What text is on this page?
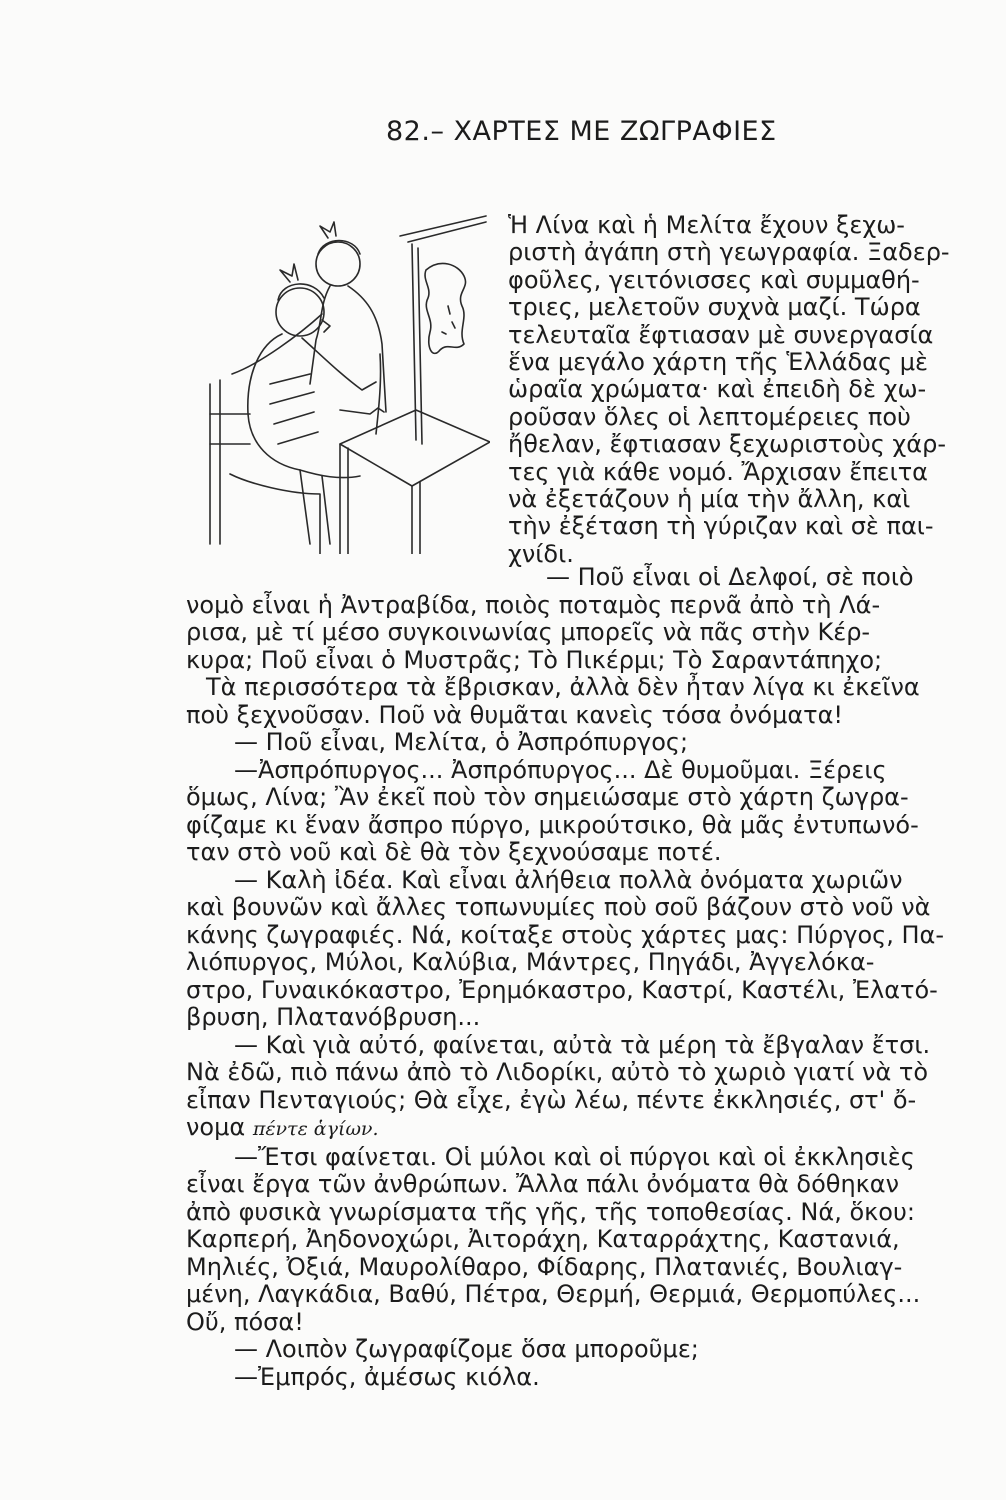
82.– ΧΑΡΤΕΣ ΜΕ ΖΩΓΡΑΦΙΕΣ
Ἡ Λίνα καὶ ἡ Μελίτα ἔχουν ξεχω-
ριστὴ ἀγάπη στὴ γεωγραφία. Ξαδερ-
φοῦλες, γειτόνισσες καὶ συμμαθή-
τριες, μελετοῦν συχνὰ μαζί. Τώρα
τελευταῖα ἔφτιασαν μὲ συνεργασία
ἕνα μεγάλο χάρτη τῆς Ἑλλάδας μὲ
ὡραῖα χρώματα· καὶ ἐπειδὴ δὲ χω-
ροῦσαν ὅλες οἱ λεπτομέρειες ποὺ
ἤθελαν, ἔφτιασαν ξεχωριστοὺς χάρ-
τες γιὰ κάθε νομό. Ἄρχισαν ἔπειτα
νὰ ἐξετάζουν ἡ μία τὴν ἄλλη, καὶ
τὴν ἐξέταση τὴ γύριζαν καὶ σὲ παι-
χνίδι.
— Ποῦ εἶναι οἱ Δελφοί, σὲ ποιὸ
νομὸ εἶναι ἡ Ἀντραβίδα, ποιὸς ποταμὸς περνᾶ ἀπὸ τὴ Λά-
ρισα, μὲ τί μέσο συγκοινωνίας μπορεῖς νὰ πᾶς στὴν Κέρ-
κυρα; Ποῦ εἶναι ὁ Μυστρᾶς; Τὸ Πικέρμι; Τὸ Σαραντάπηχο;
Τὰ περισσότερα τὰ ἔβρισκαν, ἀλλὰ δὲν ἦταν λίγα κι ἐκεῖνα
ποὺ ξεχνοῦσαν. Ποῦ νὰ θυμᾶται κανεὶς τόσα ὀνόματα!
— Ποῦ εἶναι, Μελίτα, ὁ Ἀσπρόπυργος;
—Ἀσπρόπυργος... Ἀσπρόπυργος... Δὲ θυμοῦμαι. Ξέρεις
ὅμως, Λίνα; Ἂν ἐκεῖ ποὺ τὸν σημειώσαμε στὸ χάρτη ζωγρα-
φίζαμε κι ἕναν ἄσπρο πύργο, μικρούτσικο, θὰ μᾶς ἐντυπωνό-
ταν στὸ νοῦ καὶ δὲ θὰ τὸν ξεχνούσαμε ποτέ.
— Καλὴ ἰδέα. Καὶ εἶναι ἀλήθεια πολλὰ ὀνόματα χωριῶν
καὶ βουνῶν καὶ ἄλλες τοπωνυμίες ποὺ σοῦ βάζουν στὸ νοῦ νὰ
κάνης ζωγραφιές. Νά, κοίταξε στοὺς χάρτες μας: Πύργος, Πα-
λιόπυργος, Μύλοι, Καλύβια, Μάντρες, Πηγάδι, Ἀγγελόκα-
στρο, Γυναικόκαστρο, Ἐρημόκαστρο, Καστρί, Καστέλι, Ἐλατό-
βρυση, Πλατανόβρυση...
— Καὶ γιὰ αὐτό, φαίνεται, αὐτὰ τὰ μέρη τὰ ἔβγαλαν ἔτσι.
Νὰ ἐδῶ, πιὸ πάνω ἀπὸ τὸ Λιδορίκι, αὐτὸ τὸ χωριὸ γιατί νὰ τὸ
εἶπαν Πενταγιούς; Θὰ εἶχε, ἐγὼ λέω, πέντε ἐκκλησιές, στ' ὄ-
νομα πέντε ἁγίων.
—Ἔτσι φαίνεται. Οἱ μύλοι καὶ οἱ πύργοι καὶ οἱ ἐκκλησιὲς
εἶναι ἔργα τῶν ἀνθρώπων. Ἄλλα πάλι ὀνόματα θὰ δόθηκαν
ἀπὸ φυσικὰ γνωρίσματα τῆς γῆς, τῆς τοποθεσίας. Νά, ὅκου:
Καρπερή, Ἀηδονοχώρι, Ἀιτοράχη, Καταρράχτης, Καστανιά,
Μηλιές, Ὀξιά, Μαυρολίθαρο, Φίδαρης, Πλατανιές, Βουλιαγ-
μένη, Λαγκάδια, Βαθύ, Πέτρα, Θερμή, Θερμιά, Θερμοπύλες...
Οὔ, πόσα!
— Λοιπὸν ζωγραφίζομε ὅσα μποροῦμε;
—Ἐμπρός, ἀμέσως κιόλα.
